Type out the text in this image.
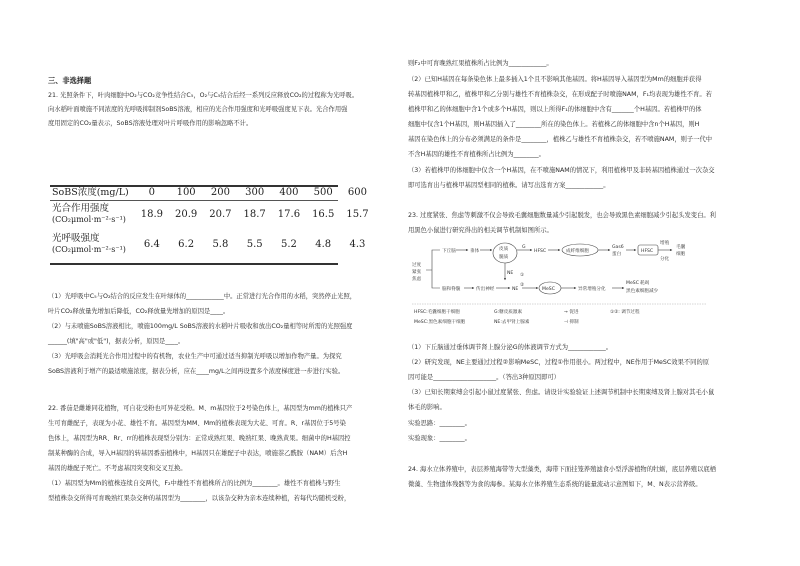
三、非选择题
21. 光照条件下，叶肉细胞中O₂与CO₂竞争性结合C₅，O₂与C₅结合后经一系列反应释放CO₂的过程称为光呼吸。
向水稻叶面喷施不同浓度的光呼吸抑制剂SoBS溶液，相应的光合作用强度和光呼吸强度见下表。光合作用强
度用固定的CO₂量表示，SoBS溶液处理对叶片呼吸作用的影响忽略不计。
（1）光呼吸中C₅与O₂结合的反应发生在叶绿体的____________中。正常进行光合作用的水稻，突然停止光照，
叶片CO₂释放量先增加后降低，CO₂释放量先增加的原因是____。
（2）与未喷施SoBS溶液相比，喷施100mg/L SoBS溶液的水稻叶片吸收和放出CO₂量相等时所需的光照强度
______(填"高"或"低")，据表分析，原因是____。
（3）光呼吸会消耗光合作用过程中的有机物，农业生产中可通过适当抑制光呼吸以增加作物产量。为探究
SoBS溶液利于增产的最适喷施浓度，据表分析，应在____mg/L之间再设置多个浓度梯度进一步进行实验。
22. 番茄是雌雄同花植物，可自花受粉也可异花受粉。M、m基因位于2号染色体上，基因型为mm的植株只产
生可育雌配子，表现为小花、雄性不育。基因型为MM、Mm的植株表现为大花、可育。R、r基因位于5号染
色体上，基因型为RR、Rr、rr的植株表现型分别为：正常成熟红果、晚熟红果、晚熟黄果。细菌中的H基因控
制某种酶的合成，导入H基因的转基因番茄植株中，H基因只在雄配子中表达，喷施萘乙酰胺（NAM）后含H
基因的雄配子死亡。不考虑基因突变和交叉互换。
（1）基因型为Mm的植株连续自交两代，F₂中雄性不育植株所占的比例为________。雄性不育植株与野生
型植株杂交所得可育晚熟红果杂交种的基因型为________，以该杂交种为亲本连续种植，若每代均随机受粉，
SoBS浓度(mg/L)	0	100	200	300	400	500	600

光合作用强度
(CO₂μmol·m⁻²·s⁻¹)	18.9	20.9	20.7	18.7	17.6	16.5	15.7

光呼吸强度
(CO₂μmol·m⁻²·s⁻¹)	6.4	6.2	5.8	5.5	5.2	4.8	4.3
则F₂中可育晚熟红果植株所占比例为____________。
（2）已知H基因在每条染色体上最多插入1个且不影响其他基因。将H基因导入基因型为Mm的细胞并获得
转基因植株甲和乙，植株甲和乙分别与雄性不育植株杂交，在形成配子时喷施NAM，F₁均表现为雄性不育。若
植株甲和乙的体细胞中含1个或多个H基因，则以上所得F₁的体细胞中含有_______个H基因。若植株甲的体
细胞中仅含1个H基因，则H基因插入了________所在的染色体上。若植株乙的体细胞中含n个H基因，则H
基因在染色体上的分布必须满足的条件是________，植株乙与雄性不育植株杂交，若不喷施NAM，则子一代中
不含H基因的雄性不育植株所占比例为________。
（3）若植株甲的体细胞中仅含一个H基因，在不喷施NAM的情况下，利用植株甲及非转基因植株通过一次杂交
即可选育出与植株甲基因型相同的植株。请写出选育方案____________。
23. 过度紧张、焦虑等刺激不仅会导致毛囊细胞数量减少引起脱发，也会导致黑色素细胞减少引起头发变白。利
用黑色小鼠进行研究得出的相关调节机制如图所示。
（1）下丘脑通过垂体调节肾上腺分泌G的体液调节方式为____________。
（2）研究发现，NE主要通过过程②影响MeSC，过程①作用很小。两过程中，NE作用于MeSC效果不同的原
因可能是____________________。（答出3种原因即可）
（3）已知长期束缚会引起小鼠过度紧张、焦虑。请设计实验验证上述调节机制中长期束缚及肾上腺对其毛小鼠
体毛的影响。
实验思路：________。
实验现象：________。
24. 海水立体养殖中，表层养殖海带等大型藻类，海带下面挂笼养殖滤食小型浮游植物的牡蛎，底层养殖以底栖
微藻、生物遗体残骸等为食的海参。某海水立体养殖生态系统的能量流动示意图如下，M、N表示营养级。
过度
紧张
焦虑
下丘脑	垂体	皮质
髓质
G
HFSC	成纤维细胞
Gas6
蛋白
HFSC
增殖
分化
毛囊
细胞
脑和脊髓	传出神经	NE
NE ①
②
MeSC	异常增殖分化
MeSC 耗竭
黑色素细胞减少
HFSC:毛囊细胞干细胞	G:糖皮质激素	→ 促进	①②: 调节过程
MeSC:黑色素细胞干细胞	NE:去甲肾上腺素	⊣ 抑制
